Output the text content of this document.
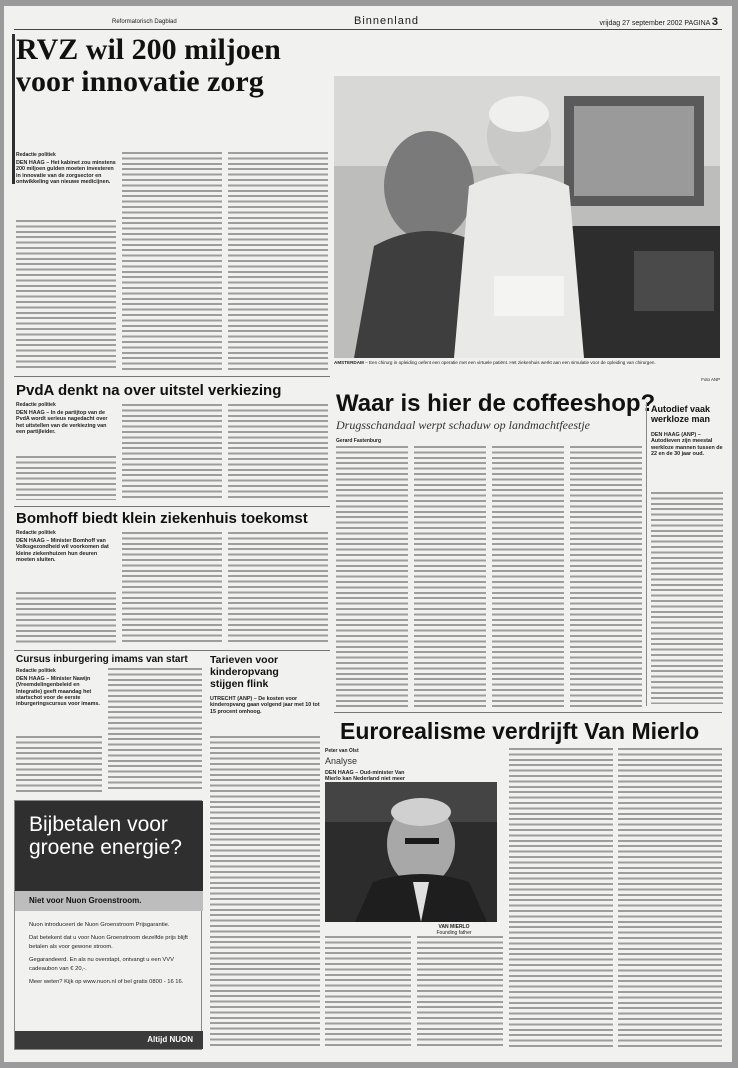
Reformatorisch Dagblad	Binnenland	vrijdag 27 september 2002 PAGINA 3
RVZ wil 200 miljoen
voor innovatie zorg
Redactie politiek
DEN HAAG – Het kabinet zou minstens 200 miljoen gulden moeten investeren in innovatie van de zorgsector en ontwikkeling van nieuwe medicijnen.
AMSTERDAM – Een chirurg in opleiding oefent een operatie met een virtuele patiënt. Het ziekenhuis werkt aan een simulatie voor de opleiding van chirurgen.
Foto ANP
PvdA denkt na over uitstel verkiezing
Redactie politiek
DEN HAAG – In de partijtop van de PvdA wordt serieus nagedacht over het uitstellen van de verkiezing van een partijleider.
Waar is hier de coffeeshop?
Drugsschandaal werpt schaduw op landmachtfeestje
Gerard Fastenburg
Autodief vaak werkloze man
DEN HAAG (ANP) – Autodieven zijn meestal werkloze mannen tussen de 22 en de 30 jaar oud.
Bomhoff biedt klein ziekenhuis toekomst
Redactie politiek
DEN HAAG – Minister Bomhoff van Volksgezondheid wil voorkomen dat kleine ziekenhuizen hun deuren moeten sluiten.
Eurorealisme verdrijft Van Mierlo
Cursus inburgering imams van start
Redactie politiek
DEN HAAG – Minister Nawijn (Vreemdelingenbeleid en Integratie) geeft maandag het startschot voor de eerste inburgeringscursus voor imams.
Tarieven voor
kinderopvang
stijgen flink
UTRECHT (ANP) – De kosten voor kinderopvang gaan volgend jaar met 10 tot 15 procent omhoog.
Peter van Olst
Analyse
DEN HAAG – Oud-minister Van Mierlo kan Nederland niet meer
VAN MIERLO
Founding father
Bijbetalen voor groene energie?
Niet voor Nuon Groenstroom.

Nuon introduceert de Nuon Groenstroom Prijsgarantie.

Dat betekent dat u voor Nuon Groenstroom dezelfde prijs blijft betalen als voor gewone stroom.

Gegarandeerd. En als nu overstapt, ontvangt u een VVV cadeaubon van € 20,-.

Meer weten? Kijk op www.nuon.nl of bel gratis 0800 - 16 16.

Altijd NUON
